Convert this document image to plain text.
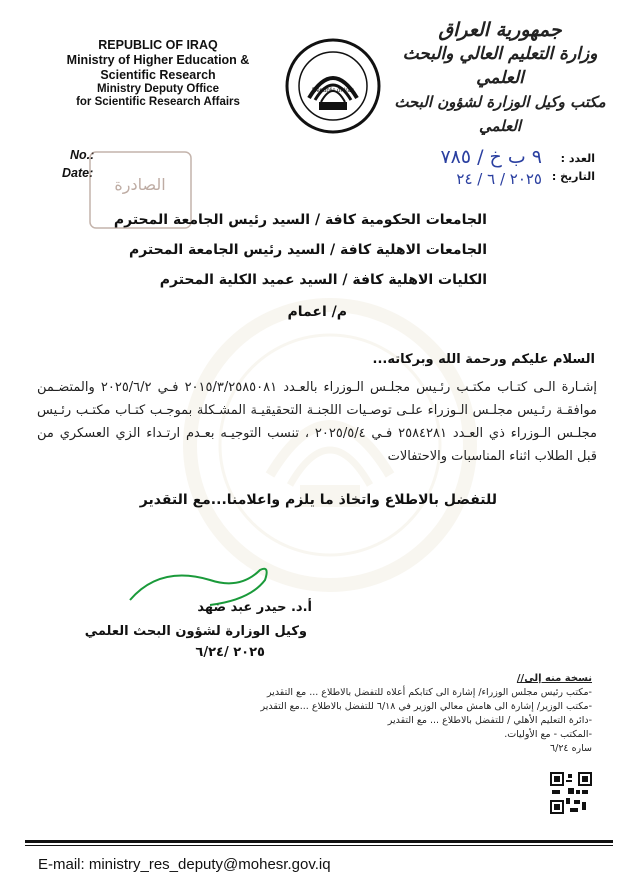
REPUBLIC OF IRAQ
Ministry of Higher Education &
Scientific Research
Ministry Deputy Office
for Scientific Research Affairs
Republic of Iraq
جمهورية العراق
وزارة التعليم العالي والبحث العلمي
مكتب وكيل الوزارة لشؤون البحث العلمي
No.:
Date:
العدد :
التاريخ :
٩ ب خ / ٧٨٥
٢٠٢٥ / ٦ / ٢٤
الصادرة
الجامعات الحكومية كافة / السيد رئيس الجامعة المحترم
الجامعات الاهلية كافة / السيد رئيس الجامعة المحترم
الكليات الاهلية كافة / السيد عميد الكلية المحترم
م/ اعمام
السلام عليكم ورحمة الله وبركاته...
إشـارة الـى كتـاب مكتـب رئـيس مجلـس الـوزراء بالعـدد ٢٠١٥/٣/٢٥٨٥٠٨١ فـي ٢٠٢٥/٦/٢ والمتضـمن موافقـة رئـيس مجلـس الـوزراء علـى توصـيات اللجنـة التحقيقيـة المشـكلة بموجـب كتـاب مكتـب رئـيس مجلـس الـوزراء ذي العـدد ٢٥٨٤٢٨١ فـي ٢٠٢٥/٥/٤ ، تنسب التوجيـه بعـدم ارتـداء الزي العسكري من قبل الطلاب اثناء المناسبات والاحتفالات
للتفضل بالاطلاع واتخاذ ما يلزم واعلامنا...مع التقدير
أ.د. حيدر عبد ضهد
وكيل الوزارة لشؤون البحث العلمي
٢٠٢٥ /٦/٢٤
نسخة منه إلى//
-مكتب رئيس مجلس الوزراء/ إشارة الى كتابكم أعلاه للتفضل بالاطلاع ... مع التقدير
-مكتب الوزير/ إشارة الى هامش معالي الوزير في ٦/١٨ للتفضل بالاطلاع ...مع التقدير
-دائرة التعليم الأهلي / للتفضل بالاطلاع ... مع التقدير
-المكتب - مع الأوليات.
ساره ٦/٢٤
E-mail: ministry_res_deputy@mohesr.gov.iq
